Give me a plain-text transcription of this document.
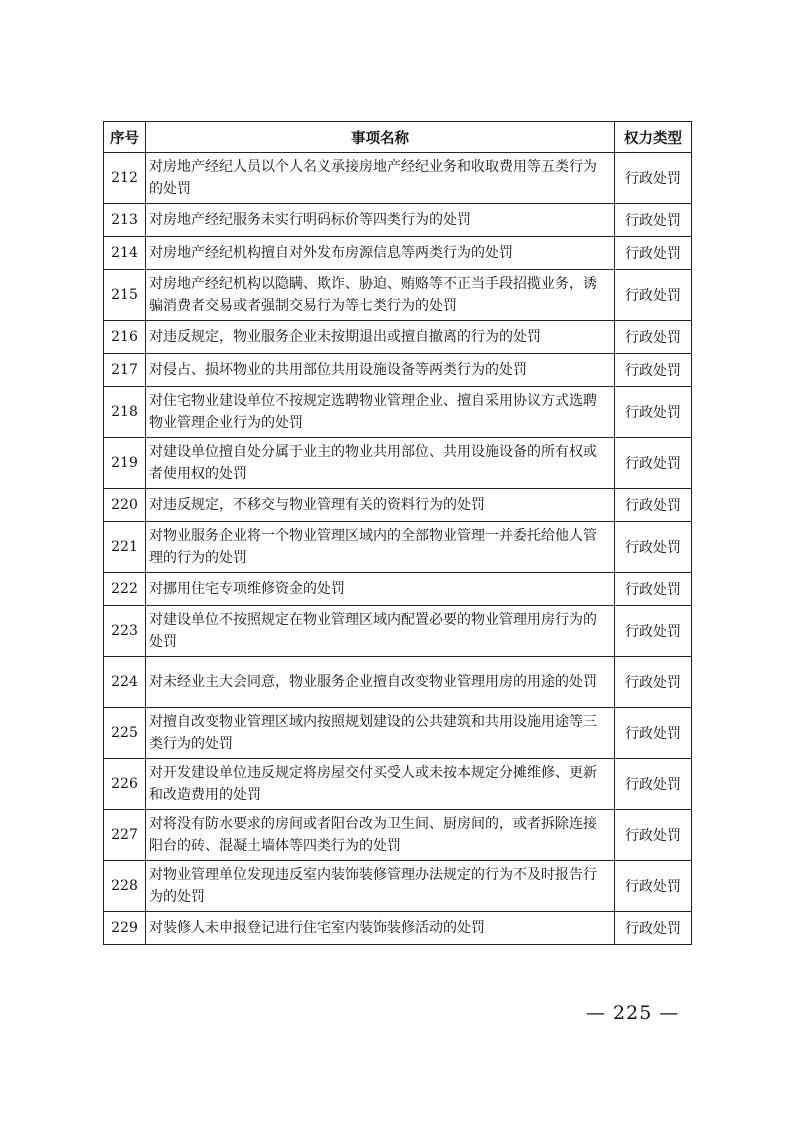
序号	事项名称	权力类型
212	对房地产经纪人员以个人名义承接房地产经纪业务和收取费用等五类行为的处罚	行政处罚
213	对房地产经纪服务未实行明码标价等四类行为的处罚	行政处罚
214	对房地产经纪机构擅自对外发布房源信息等两类行为的处罚	行政处罚
215	对房地产经纪机构以隐瞒、欺诈、胁迫、贿赂等不正当手段招揽业务，诱骗消费者交易或者强制交易行为等七类行为的处罚	行政处罚
216	对违反规定，物业服务企业未按期退出或擅自撤离的行为的处罚	行政处罚
217	对侵占、损坏物业的共用部位共用设施设备等两类行为的处罚	行政处罚
218	对住宅物业建设单位不按规定选聘物业管理企业、擅自采用协议方式选聘物业管理企业行为的处罚	行政处罚
219	对建设单位擅自处分属于业主的物业共用部位、共用设施设备的所有权或者使用权的处罚	行政处罚
220	对违反规定，不移交与物业管理有关的资料行为的处罚	行政处罚
221	对物业服务企业将一个物业管理区域内的全部物业管理一并委托给他人管理的行为的处罚	行政处罚
222	对挪用住宅专项维修资金的处罚	行政处罚
223	对建设单位不按照规定在物业管理区域内配置必要的物业管理用房行为的处罚	行政处罚
224	对未经业主大会同意，物业服务企业擅自改变物业管理用房的用途的处罚	行政处罚
225	对擅自改变物业管理区域内按照规划建设的公共建筑和共用设施用途等三类行为的处罚	行政处罚
226	对开发建设单位违反规定将房屋交付买受人或未按本规定分摊维修、更新和改造费用的处罚	行政处罚
227	对将没有防水要求的房间或者阳台改为卫生间、厨房间的，或者拆除连接阳台的砖、混凝土墙体等四类行为的处罚	行政处罚
228	对物业管理单位发现违反室内装饰装修管理办法规定的行为不及时报告行为的处罚	行政处罚
229	对装修人未申报登记进行住宅室内装饰装修活动的处罚	行政处罚
— 225 —
